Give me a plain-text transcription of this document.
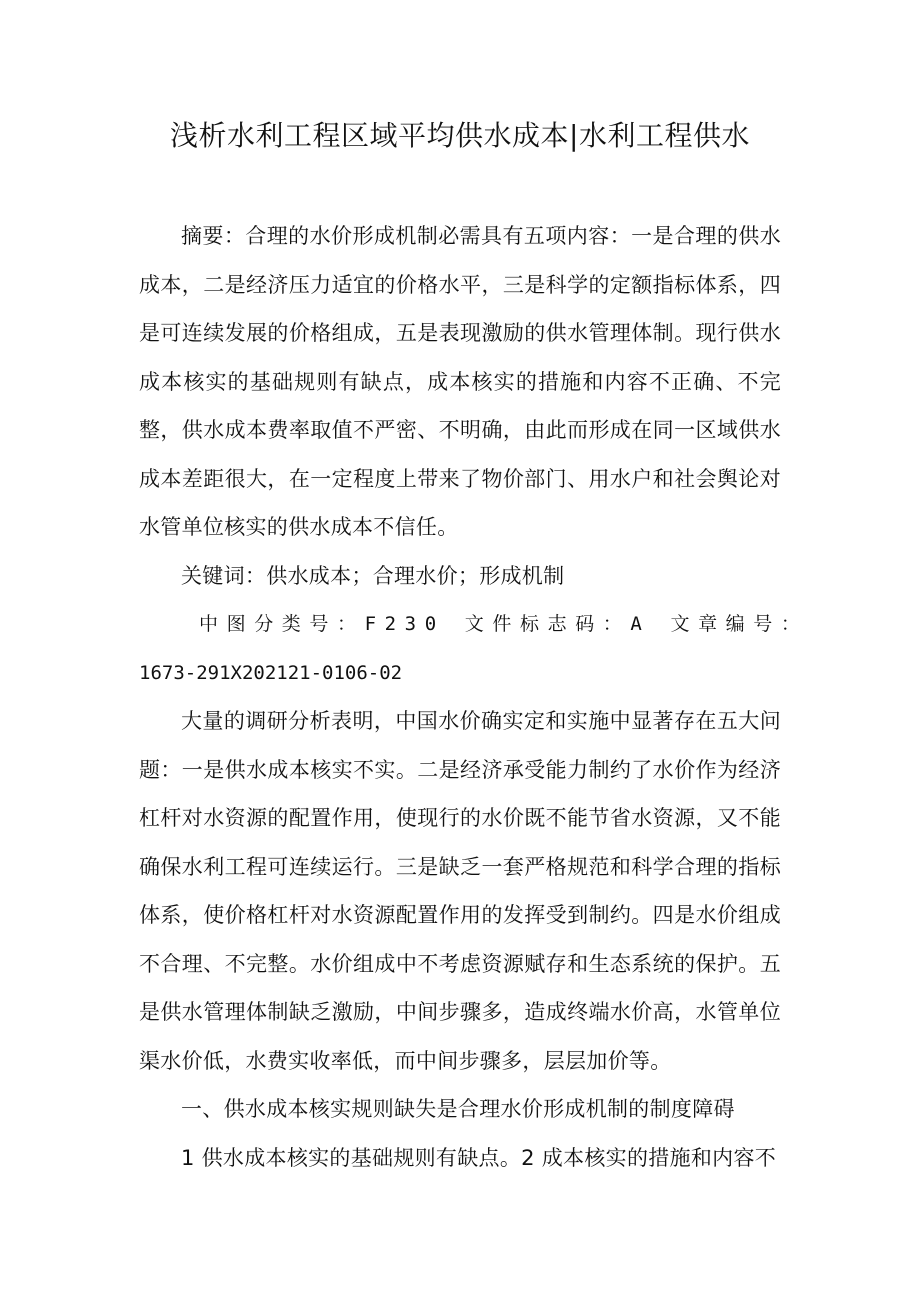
浅析水利工程区域平均供水成本|水利工程供水

摘要：合理的水价形成机制必需具有五项内容：一是合理的供水成本，二是经济压力适宜的价格水平，三是科学的定额指标体系，四是可连续发展的价格组成，五是表现激励的供水管理体制。现行供水成本核实的基础规则有缺点，成本核实的措施和内容不正确、不完整，供水成本费率取值不严密、不明确，由此而形成在同一区域供水成本差距很大，在一定程度上带来了物价部门、用水户和社会舆论对水管单位核实的供水成本不信任。

关键词：供水成本；合理水价；形成机制

中图分类号：F230 文件标志码：A 文章编号：
1673-291X202121-0106-02

大量的调研分析表明，中国水价确实定和实施中显著存在五大问题：一是供水成本核实不实。二是经济承受能力制约了水价作为经济杠杆对水资源的配置作用，使现行的水价既不能节省水资源，又不能确保水利工程可连续运行。三是缺乏一套严格规范和科学合理的指标体系，使价格杠杆对水资源配置作用的发挥受到制约。四是水价组成不合理、不完整。水价组成中不考虑资源赋存和生态系统的保护。五是供水管理体制缺乏激励，中间步骤多，造成终端水价高，水管单位渠水价低，水费实收率低，而中间步骤多，层层加价等。

一、供水成本核实规则缺失是合理水价形成机制的制度障碍

1 供水成本核实的基础规则有缺点。2 成本核实的措施和内容不
